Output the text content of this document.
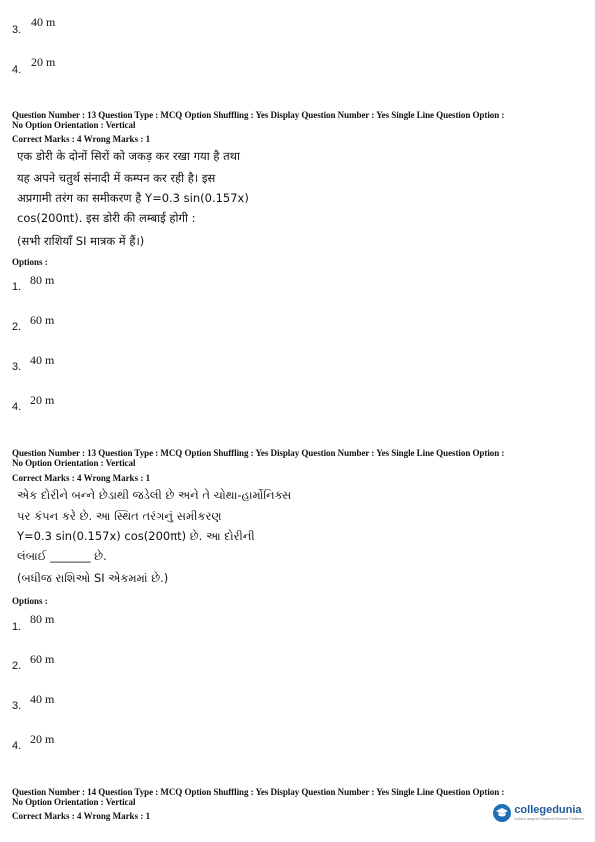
3.
40 m
4.
20 m
Question Number : 13 Question Type : MCQ Option Shuffling : Yes Display Question Number : Yes Single Line Question Option :
No Option Orientation : Vertical
Correct Marks : 4 Wrong Marks : 1
एक डोरी के दोनों सिरों को जकड़ कर रखा गया है तथा
यह अपने चतुर्थ संनादी में कम्पन कर रही है। इस
अप्रगामी तरंग का समीकरण है Y=0.3 sin(0.157x)
cos(200πt). इस डोरी की लम्बाई होगी :
(सभी राशियाँ SI मात्रक में हैं।)
Options :
1. 80 m
2. 60 m
3. 40 m
4. 20 m
Question Number : 13 Question Type : MCQ Option Shuffling : Yes Display Question Number : Yes Single Line Question Option :
No Option Orientation : Vertical
Correct Marks : 4 Wrong Marks : 1
એક દોરીને બન્ને છેડાથી જડેલી છે અને તે ચોથા-હાર્મોનિક્સ
પર કંપન કરે છે. આ સ્થિત તરંગનું સમીકરણ
Y=0.3 sin(0.157x) cos(200πt) છે. આ દોરીની
લંબાઈ _______ છે.
(બધીજ રાશિઓ SI એકમમાં છે.)
Options :
1.
80 m
2. 60 m
3. 40 m
4. 20 m
Question Number : 14 Question Type : MCQ Option Shuffling : Yes Display Question Number : Yes Single Line Question Option :
No Option Orientation : Vertical
Correct Marks : 4 Wrong Marks : 1	collegedunia
India's largest Student Review Platform
